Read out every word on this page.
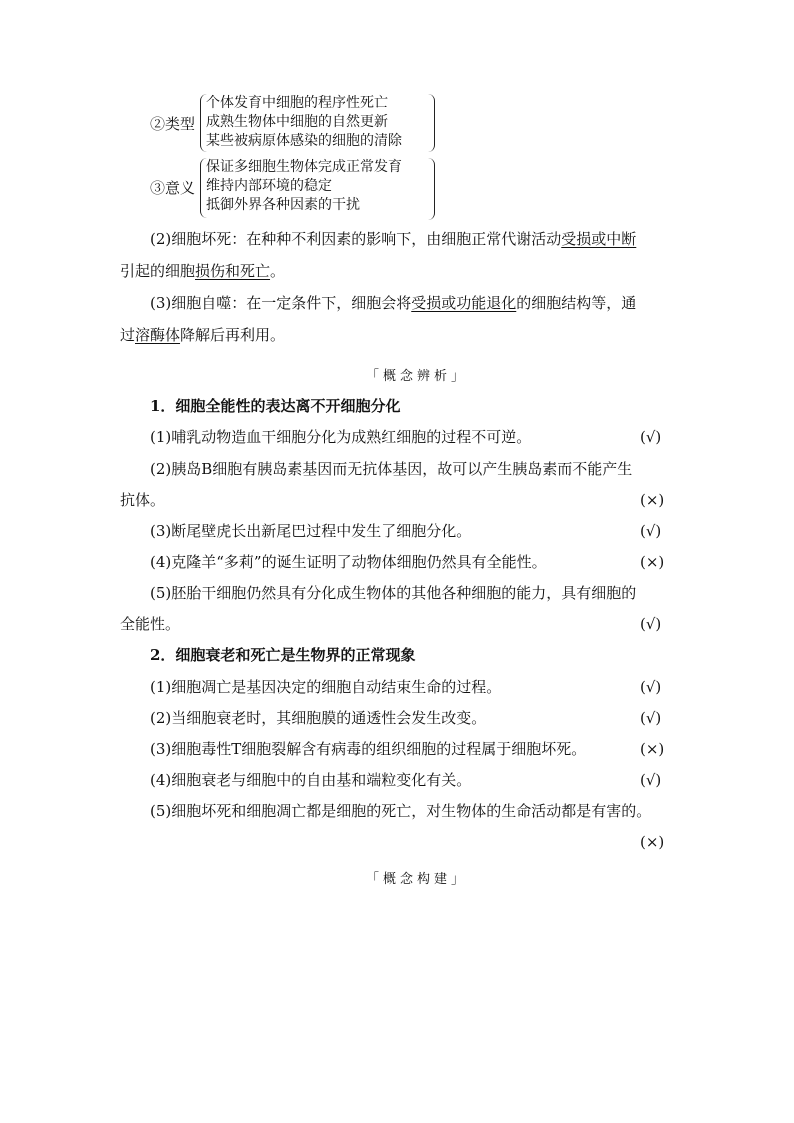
②类型
个体发育中细胞的程序性死亡
成熟生物体中细胞的自然更新
某些被病原体感染的细胞的清除
③意义
保证多细胞生物体完成正常发育
维持内部环境的稳定
抵御外界各种因素的干扰
(2)细胞坏死：在种种不利因素的影响下，由细胞正常代谢活动受损或中断
引起的细胞损伤和死亡。
(3)细胞自噬：在一定条件下，细胞会将受损或功能退化的细胞结构等，通
过溶酶体降解后再利用。
「概念辨析」
1．细胞全能性的表达离不开细胞分化
(1)哺乳动物造血干细胞分化为成熟红细胞的过程不可逆。	(√)
(2)胰岛B细胞有胰岛素基因而无抗体基因，故可以产生胰岛素而不能产生
抗体。	(×)
(3)断尾壁虎长出新尾巴过程中发生了细胞分化。	(√)
(4)克隆羊“多莉”的诞生证明了动物体细胞仍然具有全能性。	(×)
(5)胚胎干细胞仍然具有分化成生物体的其他各种细胞的能力，具有细胞的
全能性。	(√)
2．细胞衰老和死亡是生物界的正常现象
(1)细胞凋亡是基因决定的细胞自动结束生命的过程。	(√)
(2)当细胞衰老时，其细胞膜的通透性会发生改变。	(√)
(3)细胞毒性T细胞裂解含有病毒的组织细胞的过程属于细胞坏死。	(×)
(4)细胞衰老与细胞中的自由基和端粒变化有关。	(√)
(5)细胞坏死和细胞凋亡都是细胞的死亡，对生物体的生命活动都是有害的。
(×)
「概念构建」
